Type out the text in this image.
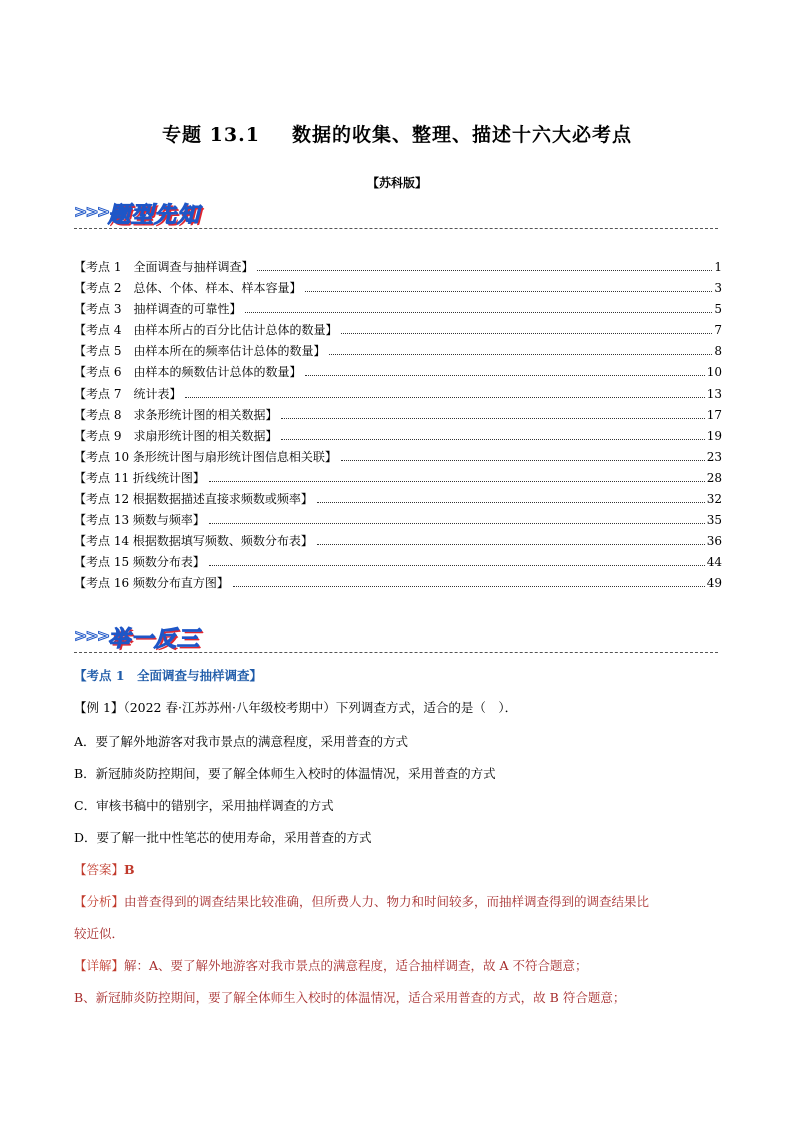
专题 13.1 数据的收集、整理、描述十六大必考点
【苏科版】
>>> 题型先知
【考点 1　全面调查与抽样调查】	1
【考点 2　总体、个体、样本、样本容量】	3
【考点 3　抽样调查的可靠性】	5
【考点 4　由样本所占的百分比估计总体的数量】	7
【考点 5　由样本所在的频率估计总体的数量】	8
【考点 6　由样本的频数估计总体的数量】	10
【考点 7　统计表】	13
【考点 8　求条形统计图的相关数据】	17
【考点 9　求扇形统计图的相关数据】	19
【考点 10 条形统计图与扇形统计图信息相关联】	23
【考点 11 折线统计图】	28
【考点 12 根据数据描述直接求频数或频率】	32
【考点 13 频数与频率】	35
【考点 14 根据数据填写频数、频数分布表】	36
【考点 15 频数分布表】	44
【考点 16 频数分布直方图】	49
>>> 举一反三
【考点 1　全面调查与抽样调查】
【例 1】（2022 春·江苏苏州·八年级校考期中）下列调查方式，适合的是（　）．
A．要了解外地游客对我市景点的满意程度，采用普查的方式
B．新冠肺炎防控期间，要了解全体师生入校时的体温情况，采用普查的方式
C．审核书稿中的错别字，采用抽样调查的方式
D．要了解一批中性笔芯的使用寿命，采用普查的方式
【答案】B
【分析】由普查得到的调查结果比较准确，但所费人力、物力和时间较多，而抽样调查得到的调查结果比
较近似．
【详解】解：A、要了解外地游客对我市景点的满意程度，适合抽样调查，故 A 不符合题意；
B、新冠肺炎防控期间，要了解全体师生入校时的体温情况，适合采用普查的方式，故 B 符合题意；
